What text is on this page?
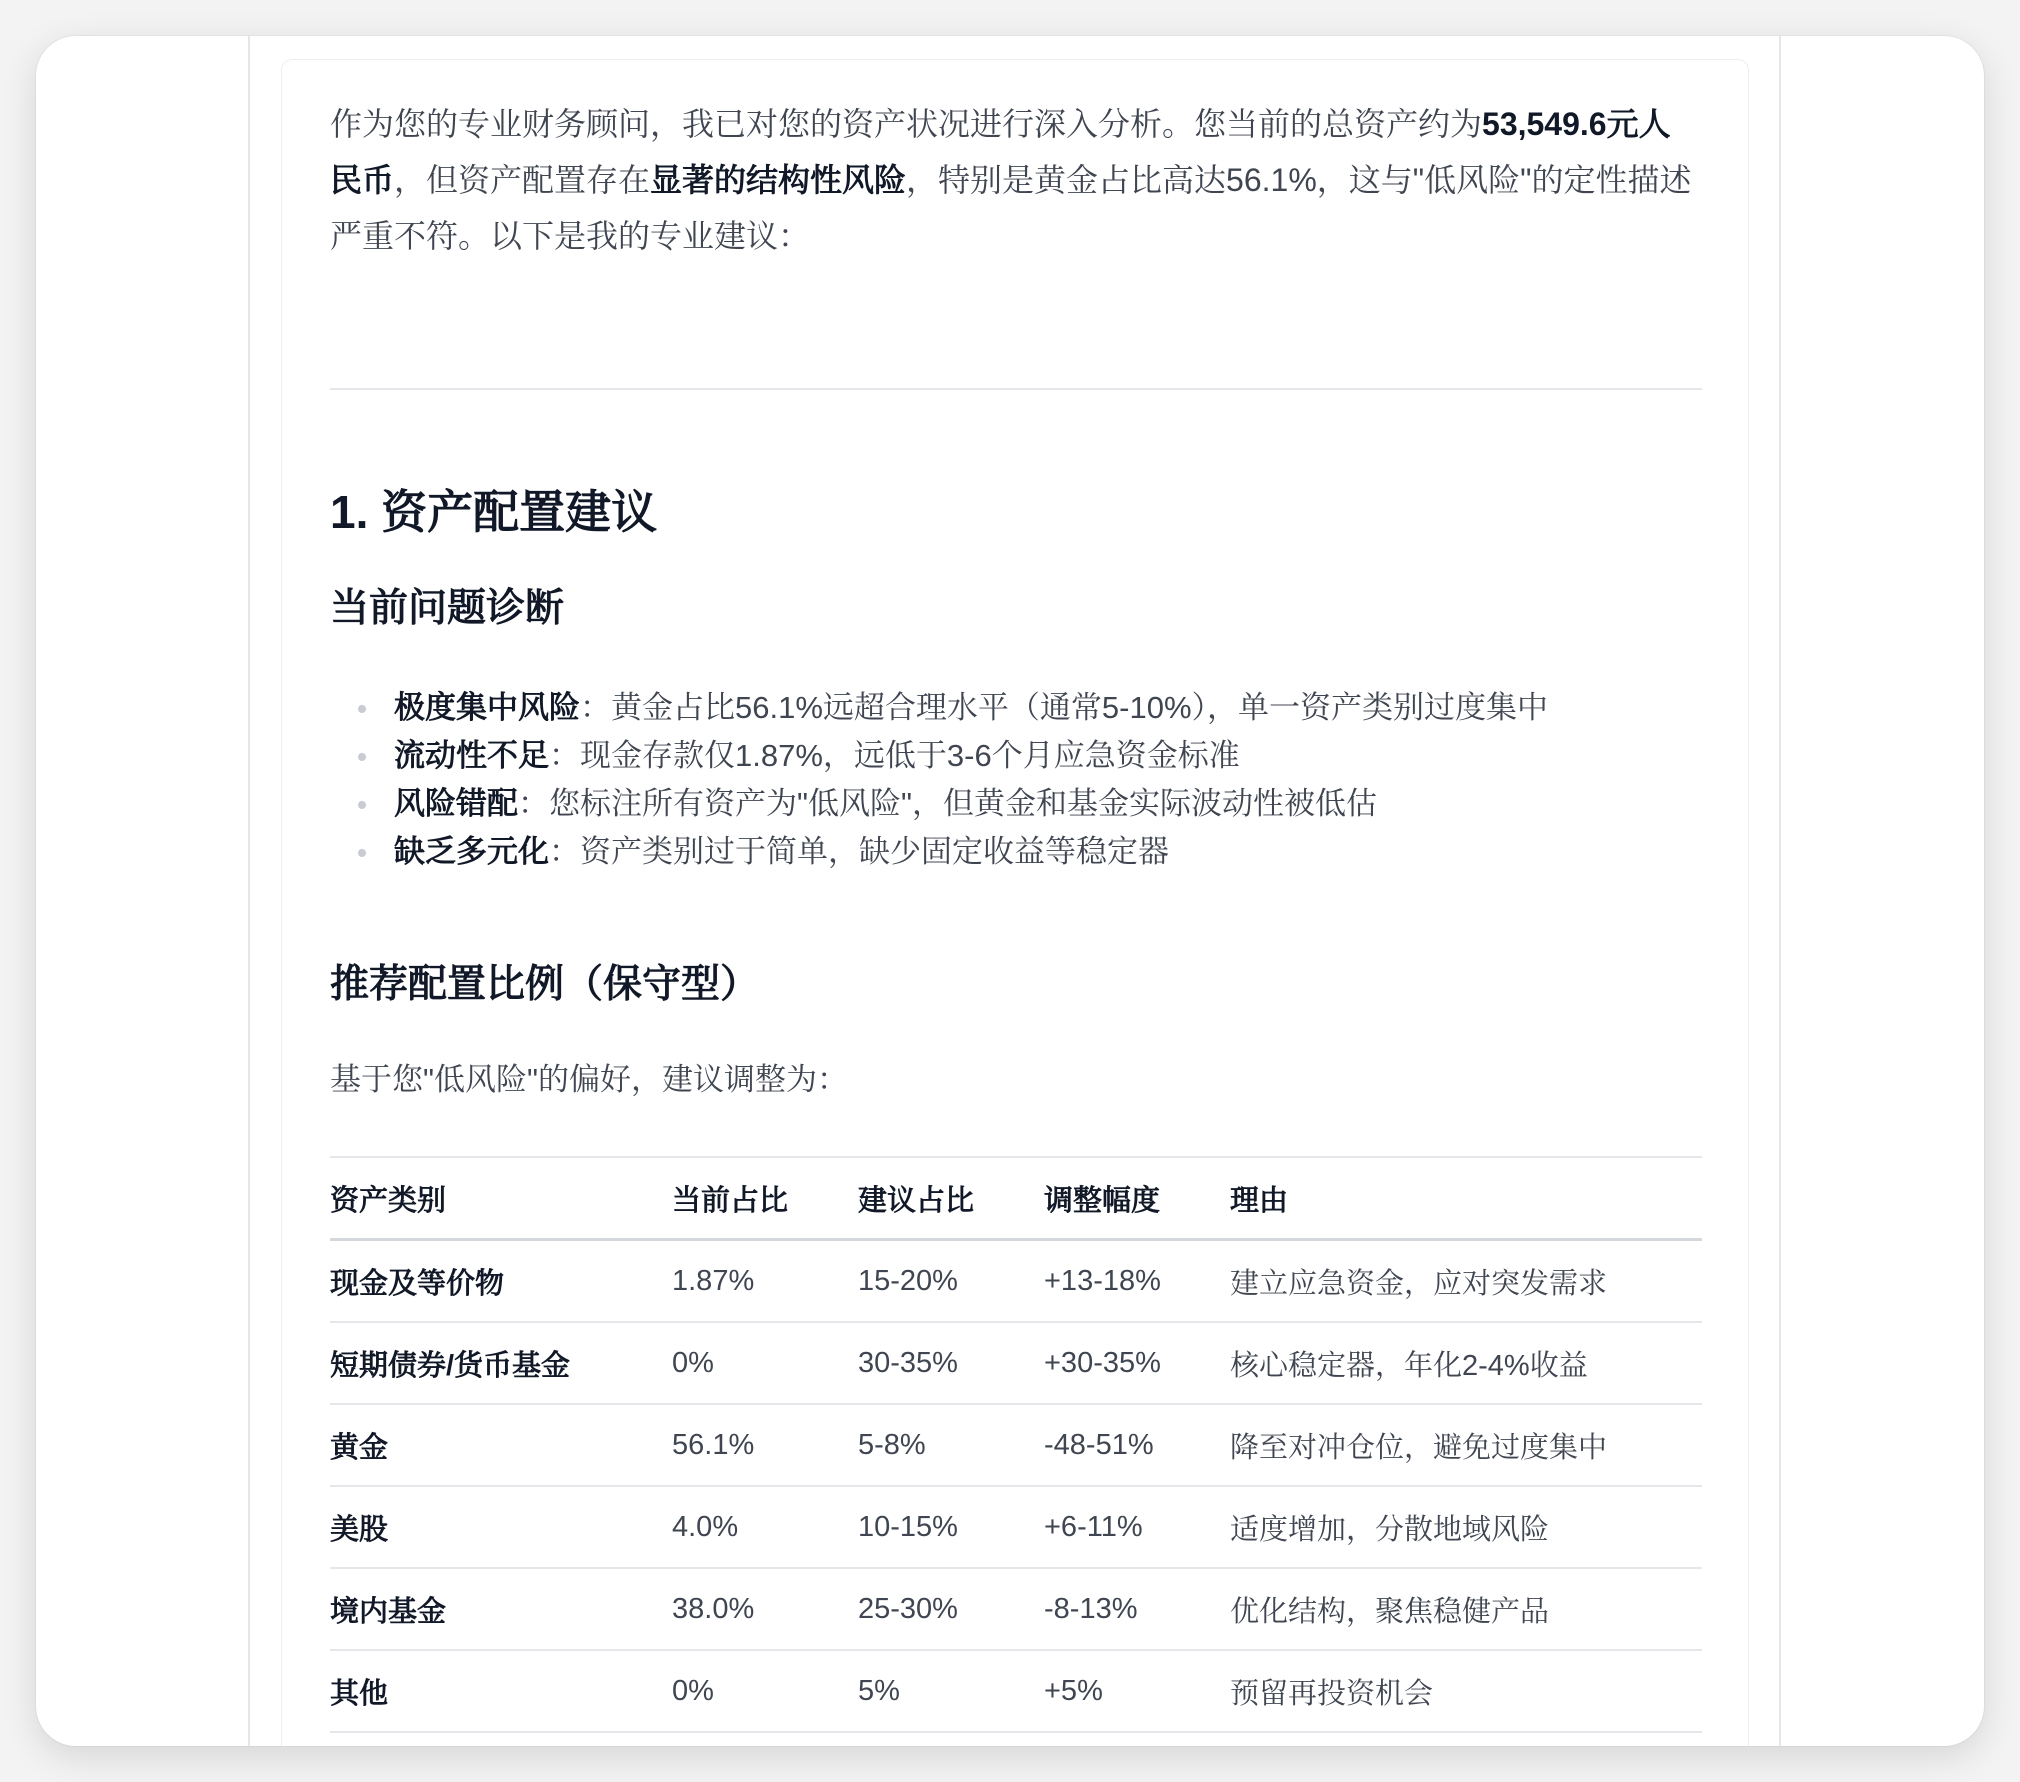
作为您的专业财务顾问，我已对您的资产状况进行深入分析。您当前的总资产约为53,549.6元人民币，但资产配置存在显著的结构性风险，特别是黄金占比高达56.1%，这与"低风险"的定性描述严重不符。以下是我的专业建议：

1. 资产配置建议
当前问题诊断
极度集中风险：黄金占比56.1%远超合理水平（通常5-10%），单一资产类别过度集中
流动性不足：现金存款仅1.87%，远低于3-6个月应急资金标准
风险错配：您标注所有资产为"低风险"，但黄金和基金实际波动性被低估
缺乏多元化：资产类别过于简单，缺少固定收益等稳定器
推荐配置比例（保守型）

基于您"低风险"的偏好，建议调整为：

资产类别	当前占比	建议占比	调整幅度	理由
现金及等价物	1.87%	15-20%	+13-18%	建立应急资金，应对突发需求
短期债券/货币基金	0%	30-35%	+30-35%	核心稳定器，年化2-4%收益
黄金	56.1%	5-8%	-48-51%	降至对冲仓位，避免过度集中
美股	4.0%	10-15%	+6-11%	适度增加，分散地域风险
境内基金	38.0%	25-30%	-8-13%	优化结构，聚焦稳健产品
其他	0%	5%	+5%	预留再投资机会
